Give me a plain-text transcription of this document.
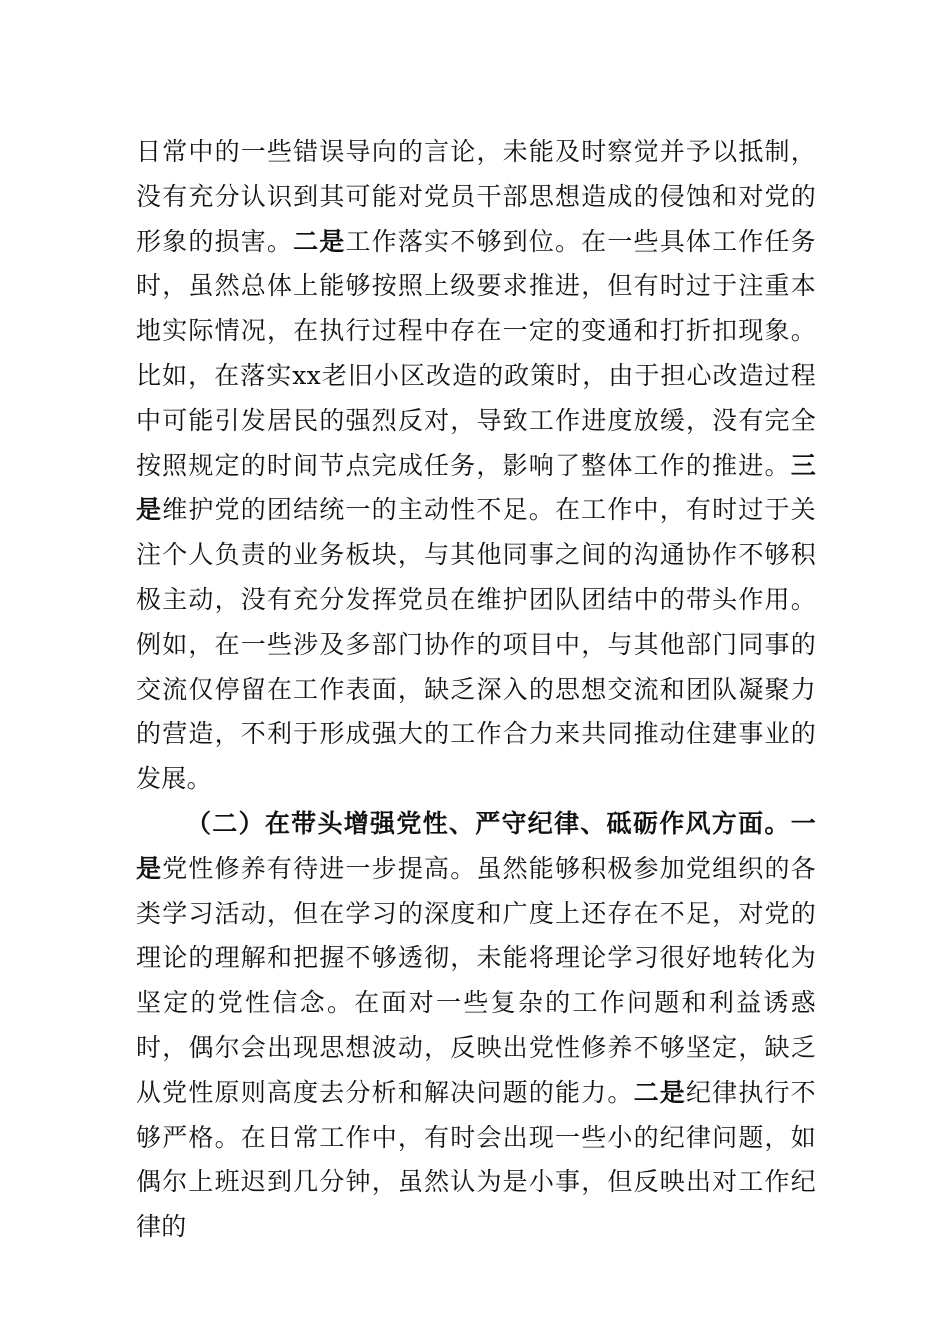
日常中的一些错误导向的言论，未能及时察觉并予以抵制，没有充分认识到其可能对党员干部思想造成的侵蚀和对党的形象的损害。二是工作落实不够到位。在一些具体工作任务时，虽然总体上能够按照上级要求推进，但有时过于注重本地实际情况，在执行过程中存在一定的变通和打折扣现象。比如，在落实xx老旧小区改造的政策时，由于担心改造过程中可能引发居民的强烈反对，导致工作进度放缓，没有完全按照规定的时间节点完成任务，影响了整体工作的推进。三是维护党的团结统一的主动性不足。在工作中，有时过于关注个人负责的业务板块，与其他同事之间的沟通协作不够积极主动，没有充分发挥党员在维护团队团结中的带头作用。例如，在一些涉及多部门协作的项目中，与其他部门同事的交流仅停留在工作表面，缺乏深入的思想交流和团队凝聚力的营造，不利于形成强大的工作合力来共同推动住建事业的发展。

（二）在带头增强党性、严守纪律、砥砺作风方面。一是党性修养有待进一步提高。虽然能够积极参加党组织的各类学习活动，但在学习的深度和广度上还存在不足，对党的理论的理解和把握不够透彻，未能将理论学习很好地转化为坚定的党性信念。在面对一些复杂的工作问题和利益诱惑时，偶尔会出现思想波动，反映出党性修养不够坚定，缺乏从党性原则高度去分析和解决问题的能力。二是纪律执行不够严格。在日常工作中，有时会出现一些小的纪律问题，如偶尔上班迟到几分钟，虽然认为是小事，但反映出对工作纪律的
